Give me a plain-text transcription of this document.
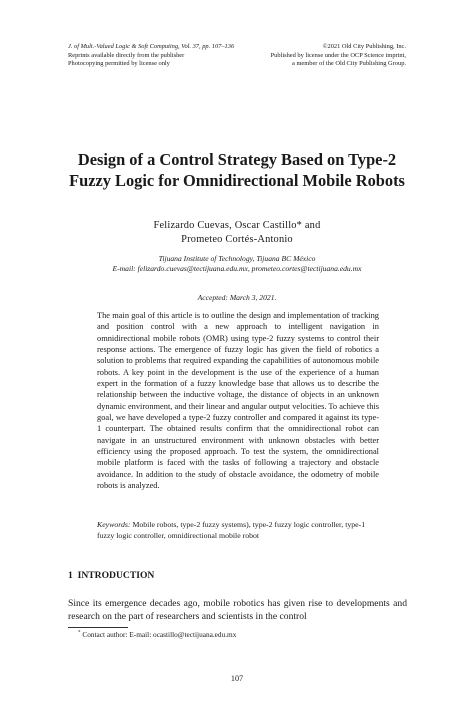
J. of Mult.-Valued Logic & Soft Computing, Vol. 37, pp. 107–136
Reprints available directly from the publisher
Photocopying permitted by license only
©2021 Old City Publishing, Inc.
Published by license under the OCP Science imprint,
a member of the Old City Publishing Group.
Design of a Control Strategy Based on Type-2
Fuzzy Logic for Omnidirectional Mobile Robots
Felizardo Cuevas, Oscar Castillo* and
Prometeo Cortés-Antonio
Tijuana Institute of Technology, Tijuana BC México
E-mail: felizardo.cuevas@tectijuana.edu.mx, prometeo.cortes@tectijuana.edu.mx
Accepted: March 3, 2021.

The main goal of this article is to outline the design and implementation of tracking and position control with a new approach to intelligent navigation in omnidirectional mobile robots (OMR) using type-2 fuzzy systems to control their response actions. The emergence of fuzzy logic has given the field of robotics a solution to problems that required expanding the capabilities of autonomous mobile robots. A key point in the development is the use of the experience of a human expert in the formation of a fuzzy knowledge base that allows us to describe the relationship between the inductive voltage, the distance of objects in an unknown dynamic environment, and their linear and angular output velocities. To achieve this goal, we have developed a type-2 fuzzy controller and compared it against its type-1 counterpart. The obtained results confirm that the omnidirectional robot can navigate in an unstructured environment with unknown obstacles with better efficiency using the proposed approach. To test the system, the omnidirectional mobile platform is faced with the tasks of following a trajectory and obstacle avoidance. In addition to the study of obstacle avoidance, the odometry of mobile robots is analyzed.

Keywords: Mobile robots, type-2 fuzzy systems), type-2 fuzzy logic controller, type-1 fuzzy logic controller, omnidirectional mobile robot

1 INTRODUCTION

Since its emergence decades ago, mobile robotics has given rise to developments and research on the part of researchers and scientists in the control

* Contact author: E-mail: ocastillo@tectijuana.edu.mx
107
